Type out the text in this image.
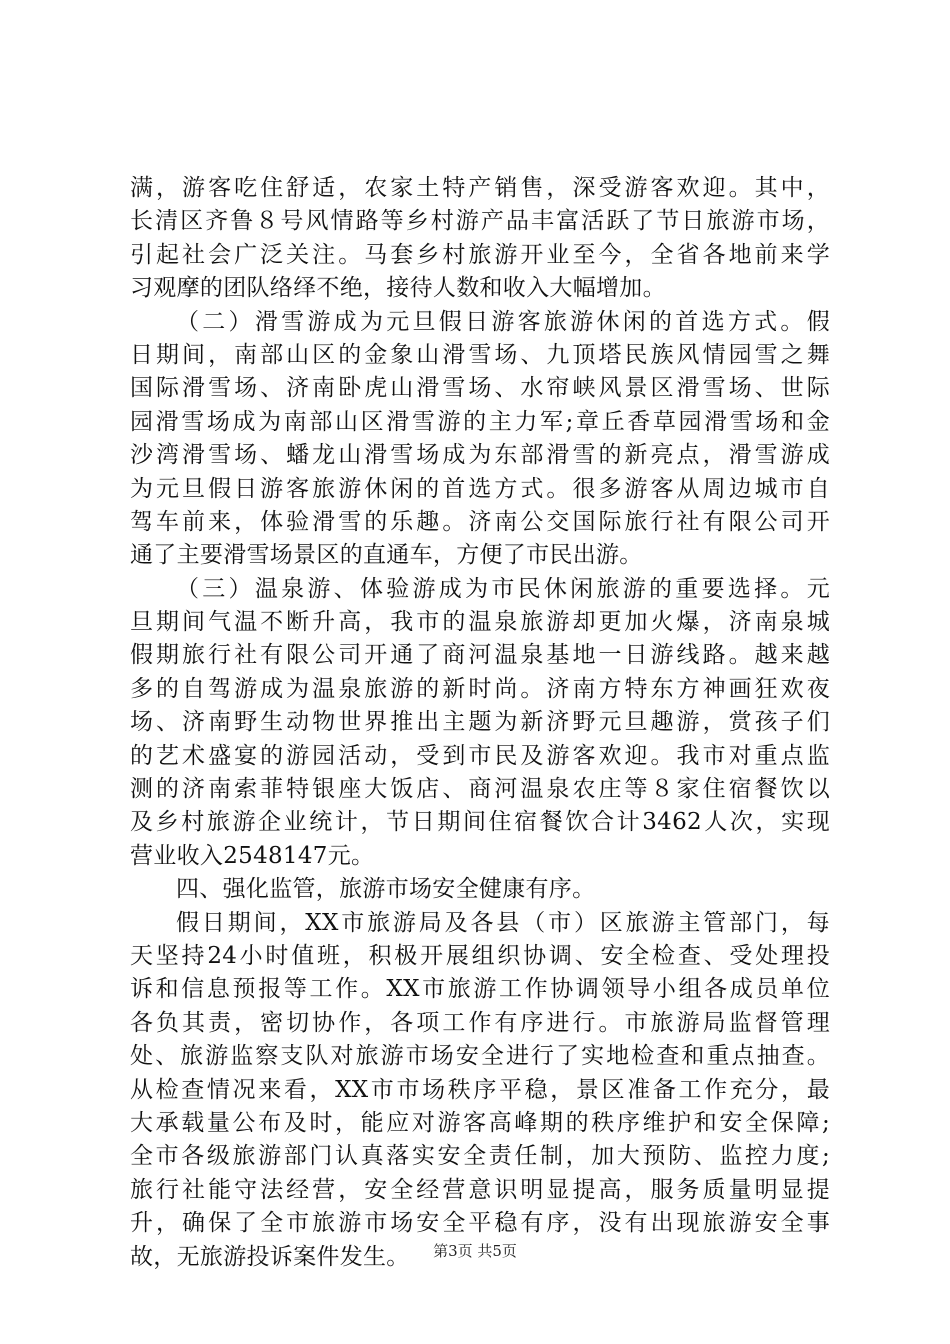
满，游客吃住舒适，农家土特产销售，深受游客欢迎。其中，
长清区齐鲁８号风情路等乡村游产品丰富活跃了节日旅游市场，
引起社会广泛关注。马套乡村旅游开业至今，全省各地前来学
习观摩的团队络绎不绝，接待人数和收入大幅增加。
（二）滑雪游成为元旦假日游客旅游休闲的首选方式。假
日期间，南部山区的金象山滑雪场、九顶塔民族风情园雪之舞
国际滑雪场、济南卧虎山滑雪场、水帘峡风景区滑雪场、世际
园滑雪场成为南部山区滑雪游的主力军;章丘香草园滑雪场和金
沙湾滑雪场、蟠龙山滑雪场成为东部滑雪的新亮点，滑雪游成
为元旦假日游客旅游休闲的首选方式。很多游客从周边城市自
驾车前来，体验滑雪的乐趣。济南公交国际旅行社有限公司开
通了主要滑雪场景区的直通车，方便了市民出游。
（三）温泉游、体验游成为市民休闲旅游的重要选择。元
旦期间气温不断升高，我市的温泉旅游却更加火爆，济南泉城
假期旅行社有限公司开通了商河温泉基地一日游线路。越来越
多的自驾游成为温泉旅游的新时尚。济南方特东方神画狂欢夜
场、济南野生动物世界推出主题为新济野元旦趣游，赏孩子们
的艺术盛宴的游园活动，受到市民及游客欢迎。我市对重点监
测的济南索菲特银座大饭店、商河温泉农庄等８家住宿餐饮以
及乡村旅游企业统计，节日期间住宿餐饮合计3462人次，实现
营业收入2548147元。
四、强化监管，旅游市场安全健康有序。
假日期间，XX市旅游局及各县（市）区旅游主管部门，每
天坚持24小时值班，积极开展组织协调、安全检查、受处理投
诉和信息预报等工作。XX市旅游工作协调领导小组各成员单位
各负其责，密切协作，各项工作有序进行。市旅游局监督管理
处、旅游监察支队对旅游市场安全进行了实地检查和重点抽查。
从检查情况来看，XX市市场秩序平稳，景区准备工作充分，最
大承载量公布及时，能应对游客高峰期的秩序维护和安全保障;
全市各级旅游部门认真落实安全责任制，加大预防、监控力度;
旅行社能守法经营，安全经营意识明显提高，服务质量明显提
升，确保了全市旅游市场安全平稳有序，没有出现旅游安全事
故，无旅游投诉案件发生。	第3页 共5页
